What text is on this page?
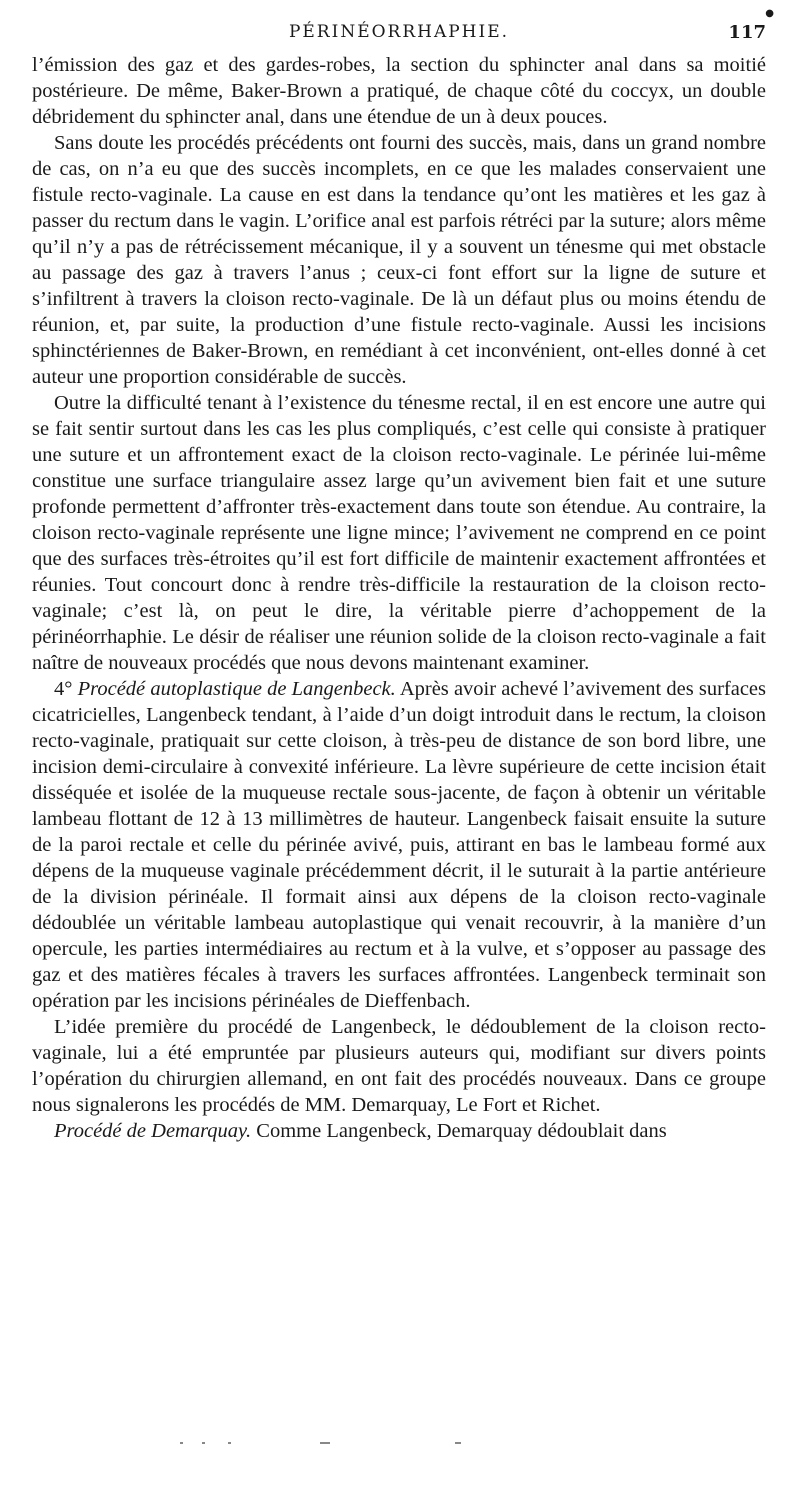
PÉRINÉORRHAPHIE.	117
●

l’émission des gaz et des gardes-robes, la section du sphincter anal dans sa moitié postérieure. De même, Baker-Brown a pratiqué, de chaque côté du coccyx, un double débridement du sphincter anal, dans une étendue de un à deux pouces.

Sans doute les procédés précédents ont fourni des succès, mais, dans un grand nombre de cas, on n’a eu que des succès incomplets, en ce que les malades conservaient une fistule recto-vaginale. La cause en est dans la tendance qu’ont les matières et les gaz à passer du rectum dans le vagin. L’orifice anal est parfois rétréci par la suture; alors même qu’il n’y a pas de rétrécissement mécanique, il y a souvent un ténesme qui met obstacle au passage des gaz à travers l’anus ; ceux-ci font effort sur la ligne de suture et s’infiltrent à travers la cloison recto-vaginale. De là un défaut plus ou moins étendu de réunion, et, par suite, la production d’une fistule recto-vaginale. Aussi les incisions sphinctériennes de Baker-Brown, en remédiant à cet inconvénient, ont-elles donné à cet auteur une proportion considérable de succès.

Outre la difficulté tenant à l’existence du ténesme rectal, il en est encore une autre qui se fait sentir surtout dans les cas les plus compliqués, c’est celle qui consiste à pratiquer une suture et un affrontement exact de la cloison recto-vaginale. Le périnée lui-même constitue une surface triangulaire assez large qu’un avivement bien fait et une suture profonde permettent d’affronter très-exactement dans toute son étendue. Au contraire, la cloison recto-vaginale représente une ligne mince; l’avivement ne comprend en ce point que des surfaces très-étroites qu’il est fort difficile de maintenir exactement affrontées et réunies. Tout concourt donc à rendre très-difficile la restauration de la cloison recto-vaginale; c’est là, on peut le dire, la véritable pierre d’achoppement de la périnéorrhaphie. Le désir de réaliser une réunion solide de la cloison recto-vaginale a fait naître de nouveaux procédés que nous devons maintenant examiner.

4° Procédé autoplastique de Langenbeck. Après avoir achevé l’avivement des surfaces cicatricielles, Langenbeck tendant, à l’aide d’un doigt introduit dans le rectum, la cloison recto-vaginale, pratiquait sur cette cloison, à très-peu de distance de son bord libre, une incision demi-circulaire à convexité inférieure. La lèvre supérieure de cette incision était disséquée et isolée de la muqueuse rectale sous-jacente, de façon à obtenir un véritable lambeau flottant de 12 à 13 millimètres de hauteur. Langenbeck faisait ensuite la suture de la paroi rectale et celle du périnée avivé, puis, attirant en bas le lambeau formé aux dépens de la muqueuse vaginale précédemment décrit, il le suturait à la partie antérieure de la division périnéale. Il formait ainsi aux dépens de la cloison recto-vaginale dédoublée un véritable lambeau autoplastique qui venait recouvrir, à la manière d’un opercule, les parties intermédiaires au rectum et à la vulve, et s’opposer au passage des gaz et des matières fécales à travers les surfaces affrontées. Langenbeck terminait son opération par les incisions périnéales de Dieffenbach.

L’idée première du procédé de Langenbeck, le dédoublement de la cloison recto-vaginale, lui a été empruntée par plusieurs auteurs qui, modifiant sur divers points l’opération du chirurgien allemand, en ont fait des procédés nouveaux. Dans ce groupe nous signalerons les procédés de MM. Demarquay, Le Fort et Richet.

Procédé de Demarquay. Comme Langenbeck, Demarquay dédoublait dans
